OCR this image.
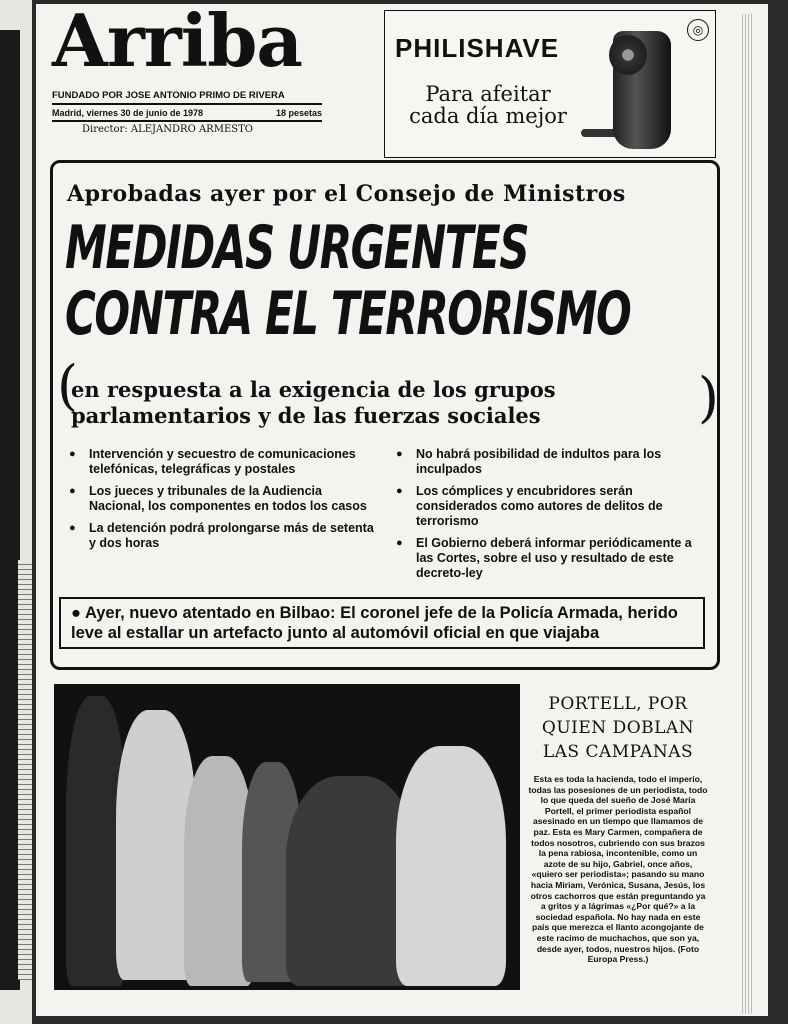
Arriba
FUNDADO POR JOSE ANTONIO PRIMO DE RIVERA
Madrid, viernes 30 de junio de 1978	18 pesetas
Director: ALEJANDRO ARMESTO
PHILISHAVE
Para afeitar cada día mejor
◎
Aprobadas ayer por el Consejo de Ministros
MEDIDAS URGENTES
CONTRA EL TERRORISMO
( en respuesta a la exigencia de los grupos parlamentarios y de las fuerzas sociales )
● Intervención y secuestro de comunicaciones telefónicas, telegráficas y postales
● Los jueces y tribunales de la Audiencia Nacional, los componentes en todos los casos
● La detención podrá prolongarse más de setenta y dos horas
● No habrá posibilidad de indultos para los inculpados
● Los cómplices y encubridores serán considerados como autores de delitos de terrorismo
● El Gobierno deberá informar periódicamente a las Cortes, sobre el uso y resultado de este decreto-ley
● Ayer, nuevo atentado en Bilbao: El coronel jefe de la Policía Armada, herido leve al estallar un artefacto junto al automóvil oficial en que viajaba
PORTELL, POR QUIEN DOBLAN LAS CAMPANAS
Esta es toda la hacienda, todo el imperio, todas las posesiones de un periodista, todo lo que queda del sueño de José María Portell, el primer periodista español asesinado en un tiempo que llamamos de paz. Esta es Mary Carmen, compañera de todos nosotros, cubriendo con sus brazos la pena rabiosa, incontenible, como un azote de su hijo, Gabriel, once años, «quiero ser periodista»; pasando su mano hacia Miriam, Verónica, Susana, Jesús, los otros cachorros que están preguntando ya a gritos y a lágrimas «¿Por qué?» a la sociedad española. No hay nada en este país que merezca el llanto acongojante de este racimo de muchachos, que son ya, desde ayer, todos, nuestros hijos. (Foto Europa Press.)
